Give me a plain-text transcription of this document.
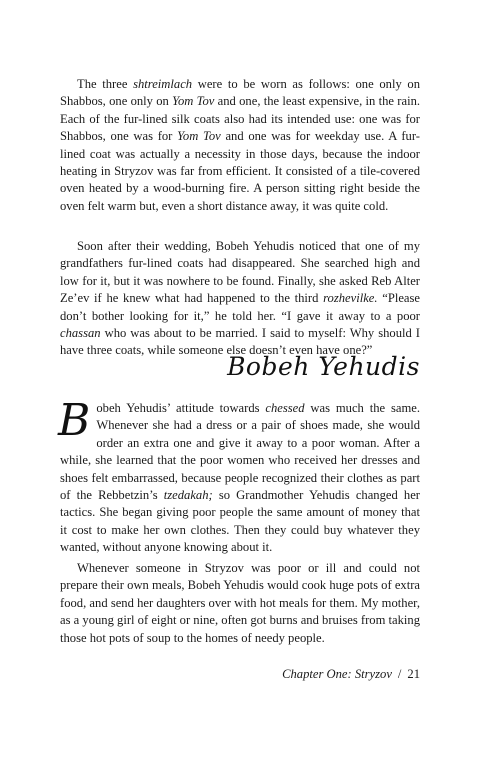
The three shtreimlach were to be worn as follows: one only on Shabbos, one only on Yom Tov and one, the least expensive, in the rain. Each of the fur-lined silk coats also had its intended use: one was for Shabbos, one was for Yom Tov and one was for weekday use. A fur-lined coat was actually a necessity in those days, because the indoor heating in Stryzov was far from efficient. It consisted of a tile-covered oven heated by a wood-burning fire. A person sitting right beside the oven felt warm but, even a short distance away, it was quite cold.

Soon after their wedding, Bobeh Yehudis noticed that one of my grandfathers fur-lined coats had disappeared. She searched high and low for it, but it was nowhere to be found. Finally, she asked Reb Alter Ze’ev if he knew what had happened to the third rozhevilke. “Please don’t bother looking for it,” he told her. “I gave it away to a poor chassan who was about to be married. I said to myself: Why should I have three coats, while someone else doesn’t even have one?”

Bobeh Yehudis

Bobeh Yehudis’ attitude towards chessed was much the same. Whenever she had a dress or a pair of shoes made, she would order an extra one and give it away to a poor woman. After a while, she learned that the poor women who received her dresses and shoes felt embarrassed, because people recognized their clothes as part of the Rebbetzin’s tzedakah; so Grandmother Yehudis changed her tactics. She began giving poor people the same amount of money that it cost to make her own clothes. Then they could buy whatever they wanted, without anyone knowing about it.

Whenever someone in Stryzov was poor or ill and could not prepare their own meals, Bobeh Yehudis would cook huge pots of extra food, and send her daughters over with hot meals for them. My mother, as a young girl of eight or nine, often got burns and bruises from taking those hot pots of soup to the homes of needy people.

Chapter One: Stryzov / 21
